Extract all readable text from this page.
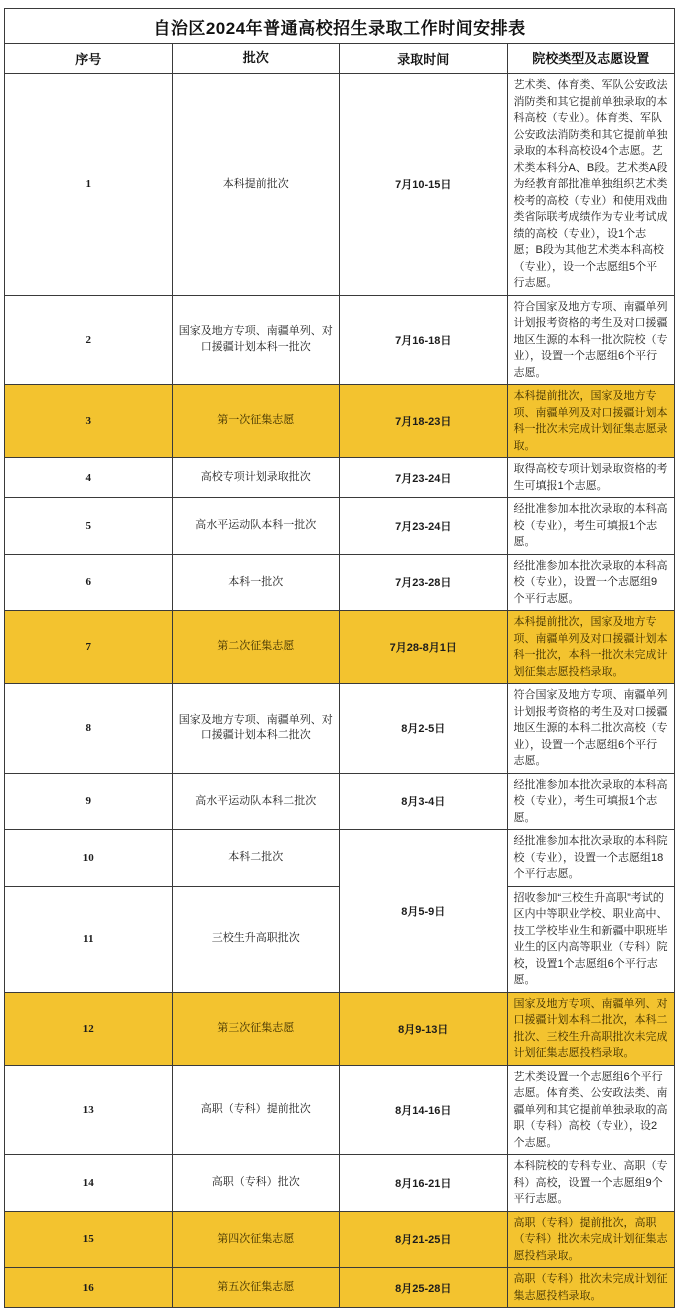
自治区2024年普通高校招生录取工作时间安排表			
序号	批次	录取时间	院校类型及志愿设置
1	本科提前批次	7月10-15日	艺术类、体育类、军队公安政法消防类和其它提前单独录取的本科高校（专业）。体育类、军队公安政法消防类和其它提前单独录取的本科高校设4个志愿。艺术类本科分A、B段。艺术类A段为经教育部批准单独组织艺术类校考的高校（专业）和使用戏曲类省际联考成绩作为专业考试成绩的高校（专业），设1个志愿；B段为其他艺术类本科高校（专业），设一个志愿组5个平行志愿。
2	国家及地方专项、南疆单列、对口援疆计划本科一批次	7月16-18日	符合国家及地方专项、南疆单列计划报考资格的考生及对口援疆地区生源的本科一批次院校（专业），设置一个志愿组6个平行志愿。
3	第一次征集志愿	7月18-23日	本科提前批次，国家及地方专项、南疆单列及对口援疆计划本科一批次未完成计划征集志愿录取。
4	高校专项计划录取批次	7月23-24日	取得高校专项计划录取资格的考生可填报1个志愿。
5	高水平运动队本科一批次	7月23-24日	经批准参加本批次录取的本科高校（专业），考生可填报1个志愿。
6	本科一批次	7月23-28日	经批准参加本批次录取的本科高校（专业），设置一个志愿组9个平行志愿。
7	第二次征集志愿	7月28-8月1日	本科提前批次，国家及地方专项、南疆单列及对口援疆计划本科一批次，本科一批次未完成计划征集志愿投档录取。
8	国家及地方专项、南疆单列、对口援疆计划本科二批次	8月2-5日	符合国家及地方专项、南疆单列计划报考资格的考生及对口援疆地区生源的本科二批次高校（专业），设置一个志愿组6个平行志愿。
9	高水平运动队本科二批次	8月3-4日	经批准参加本批次录取的本科高校（专业），考生可填报1个志愿。
10	本科二批次	8月5-9日	经批准参加本批次录取的本科院校（专业），设置一个志愿组18个平行志愿。
11	三校生升高职批次		招收参加“三校生升高职”考试的区内中等职业学校、职业高中、技工学校毕业生和新疆中职班毕业生的区内高等职业（专科）院校，设置1个志愿组6个平行志愿。
12	第三次征集志愿	8月9-13日	国家及地方专项、南疆单列、对口援疆计划本科二批次，本科二批次、三校生升高职批次未完成计划征集志愿投档录取。
13	高职（专科）提前批次	8月14-16日	艺术类设置一个志愿组6个平行志愿。体育类、公安政法类、南疆单列和其它提前单独录取的高职（专科）高校（专业），设2个志愿。
14	高职（专科）批次	8月16-21日	本科院校的专科专业、高职（专科）高校，设置一个志愿组9个平行志愿。
15	第四次征集志愿	8月21-25日	高职（专科）提前批次，高职（专科）批次未完成计划征集志愿投档录取。
16	第五次征集志愿	8月25-28日	高职（专科）批次未完成计划征集志愿投档录取。
